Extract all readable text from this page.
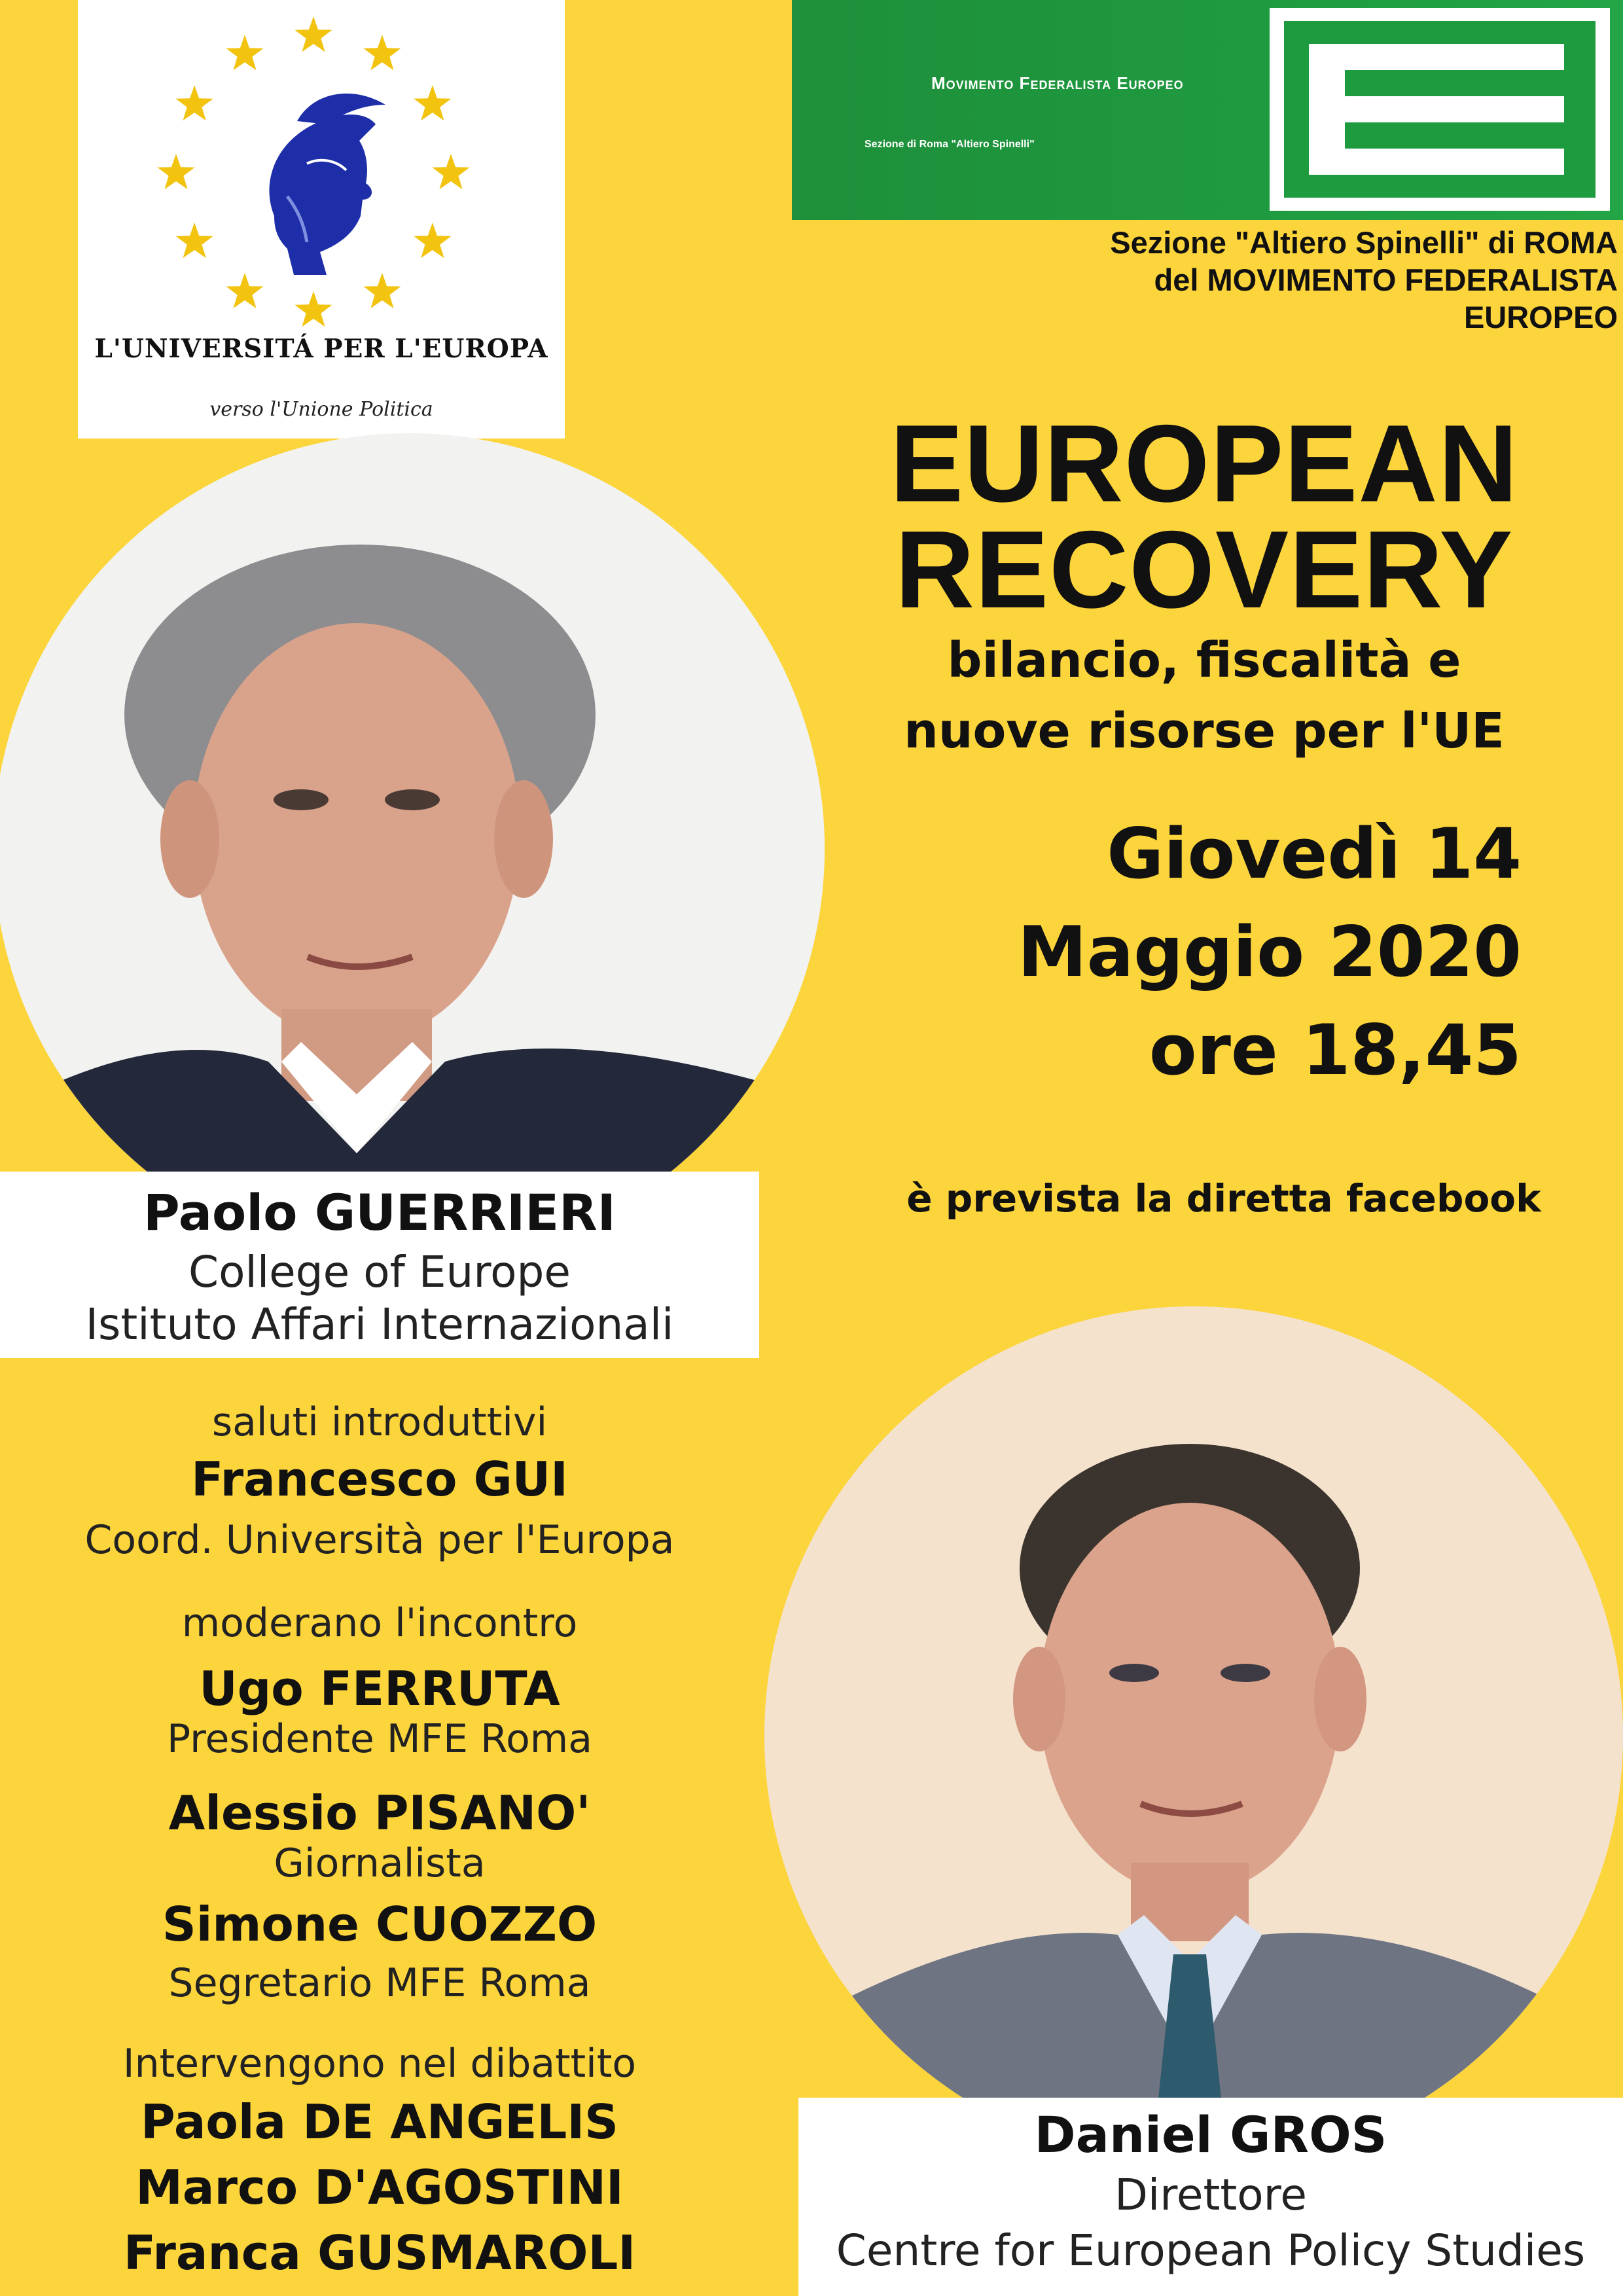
L'UNIVERSITÁ PER L'EUROPA
verso l'Unione Politica
Movimento Federalista Europeo
Sezione di Roma "Altiero Spinelli"
Sezione "Altiero Spinelli" di ROMA
del MOVIMENTO FEDERALISTA
EUROPEO
EUROPEAN
RECOVERY
bilancio, fiscalità e
nuove risorse per l'UE
Giovedì 14
Maggio 2020
ore 18,45
è prevista la diretta facebook
Paolo GUERRIERI
College of Europe
Istituto Affari Internazionali
Daniel GROS
Direttore
Centre for European Policy Studies
saluti introduttivi
Francesco GUI
Coord. Università per l'Europa
moderano l'incontro
Ugo FERRUTA
Presidente MFE Roma
Alessio PISANO'
Giornalista
Simone CUOZZO
Segretario MFE Roma
Intervengono nel dibattito
Paola DE ANGELIS
Marco D'AGOSTINI
Franca GUSMAROLI
